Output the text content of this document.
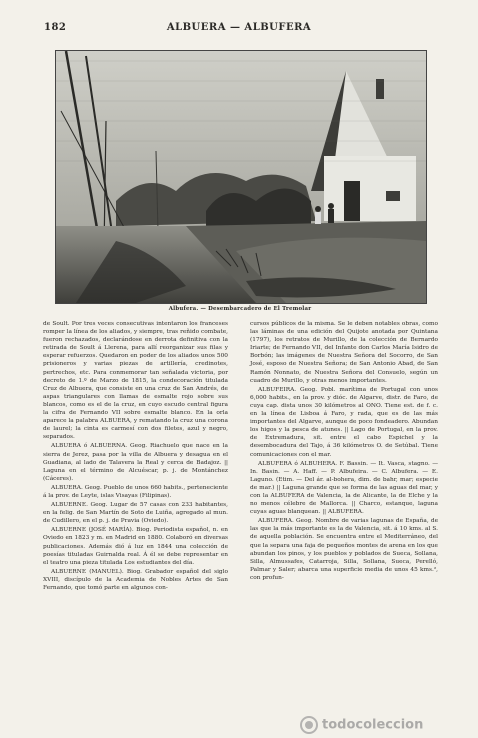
182	ALBUERA — ALBUFERA
Albufera. — Desembarcadero de El Tremolar

de Soult. Por tres veces consecutivas intentaron los franceses romper la línea de los aliados, y siempre, tras reñido combate, fueron rechazados, declarándose en derrota definitiva con la retirada de Soult á Llerena, para allí reorganizar sus filas y esperar refuerzos. Quedaron en poder de los aliados unos 500 prisioneros y varias piezas de artillería, credinotes, pertrechos, etc. Para conmemorar tan señalada victoria, por decreto de 1.º de Marzo de 1815, la condecoración titulada Cruz de Albuera, que consiste en una cruz de San Andrés, de aspas triangulares con llamas de esmalte rojo sobre sus blancos, como es el de la cruz, en cuyo escudo central figura la cifra de Fernando VII sobre esmalte blanco. En la orla aparece la palabra ALBUERA, y rematando la cruz una corona de laurel; la cinta es carmesí con dos filetes, azul y negro, separados.

ALBUERA ó ALBUERNA. Geog. Riachuelo que nace en la sierra de Jerez, pasa por la villa de Albuera y desagua en el Guadiana, al lado de Talavera la Real y cerca de Badajoz. || Laguna en el término de Alcuéscar, p. j. de Montánchez (Cáceres).

ALBUERA. Geog. Pueblo de unos 660 habits., perteneciente á la prov. de Leyte, islas Visayas (Filipinas).

ALBUERNE. Geog. Lugar de 57 casas con 233 habitantes, en la felig. de San Martín de Soto de Luiña, agregado al mun. de Cudillero, en el p. j. de Pravia (Oviedo).

ALBUERNE (JOSÉ MARÍA). Biog. Periodista español, n. en Oviedo en 1823 y m. en Madrid en 1880. Colaboró en diversas publicaciones. Además dió á luz en 1844 una colección de poesías tituladas Guirnalda real. Á él se debe representar en el teatro una pieza titulada Los estudiantes del día.

ALBUERNE (MANUEL). Biog. Grabador español del siglo XVIII, discípulo de la Academia de Nobles Artes de San Fernando, que tomó parte en algunos con-

cursos públicos de la misma. Se le deben notables obras, como las láminas de una edición del Quijote anotada por Quintana (1797), los retratos de Murillo, de la colección de Bernardo Iriarte; de Fernando VII, del Infante don Carlos María Isidro de Borbón; las imágenes de Nuestra Señora del Socorro, de San José, esposo de Nuestra Señora; de San Antonio Abad, de San Ramón Nonnato, de Nuestra Señora del Consuelo, según un cuadro de Murillo, y otras menos importantes.

ALBUFEIRA. Geog. Pobl. marítima de Portugal con unos 6,000 habits., en la prov. y dióc. de Algarve, distr. de Faro, de cuya cap. dista unos 30 kilómetros al ONO. Tiene est. de f. c. en la línea de Lisboa á Faro, y rada, que es de las más importantes del Algarve, aunque de poco fondeadero. Abundan los higos y la pesca de atunes. || Lago de Portugal, en la prov. de Extremadura, sit. entre el cabo Espichel y la desembocadura del Tajo, á 36 kilómetros O. de Setúbal. Tiene comunicaciones con el mar.

ALBUFERA ó ALBUHERA. F. Bassin. — It. Vasca, stagno. — In. Basin. — A. Haff. — P. Albufeira. — C. Albufera. — E. Laguno. (Etim. — Del ár. al-bohera, dim. de bahr, mar; especie de mar.) || Laguna grande que se forma de las aguas del mar, y con la ALBUFERA de Valencia, la de Alicante, la de Elche y la no menos célebre de Mallorca. || Charco, estanque, laguna cuyas aguas blanquean. || ALBUFERA.

ALBUFERA. Geog. Nombre de varias lagunas de España, de las que la más importante es la de Valencia, sit. á 10 kms. al S. de aquella población. Se encuentra entre el Mediterráneo, del que la separa una faja de pequeños montes de arena en los que abundan los pinos, y los pueblos y poblados de Sueca, Sollana, Silla, Almussafes, Catarroja, Silla, Sollana, Sueca, Perelló, Palmar y Saler; abarca una superficie media de unos 45 kms.², con profun-

todocoleccion
